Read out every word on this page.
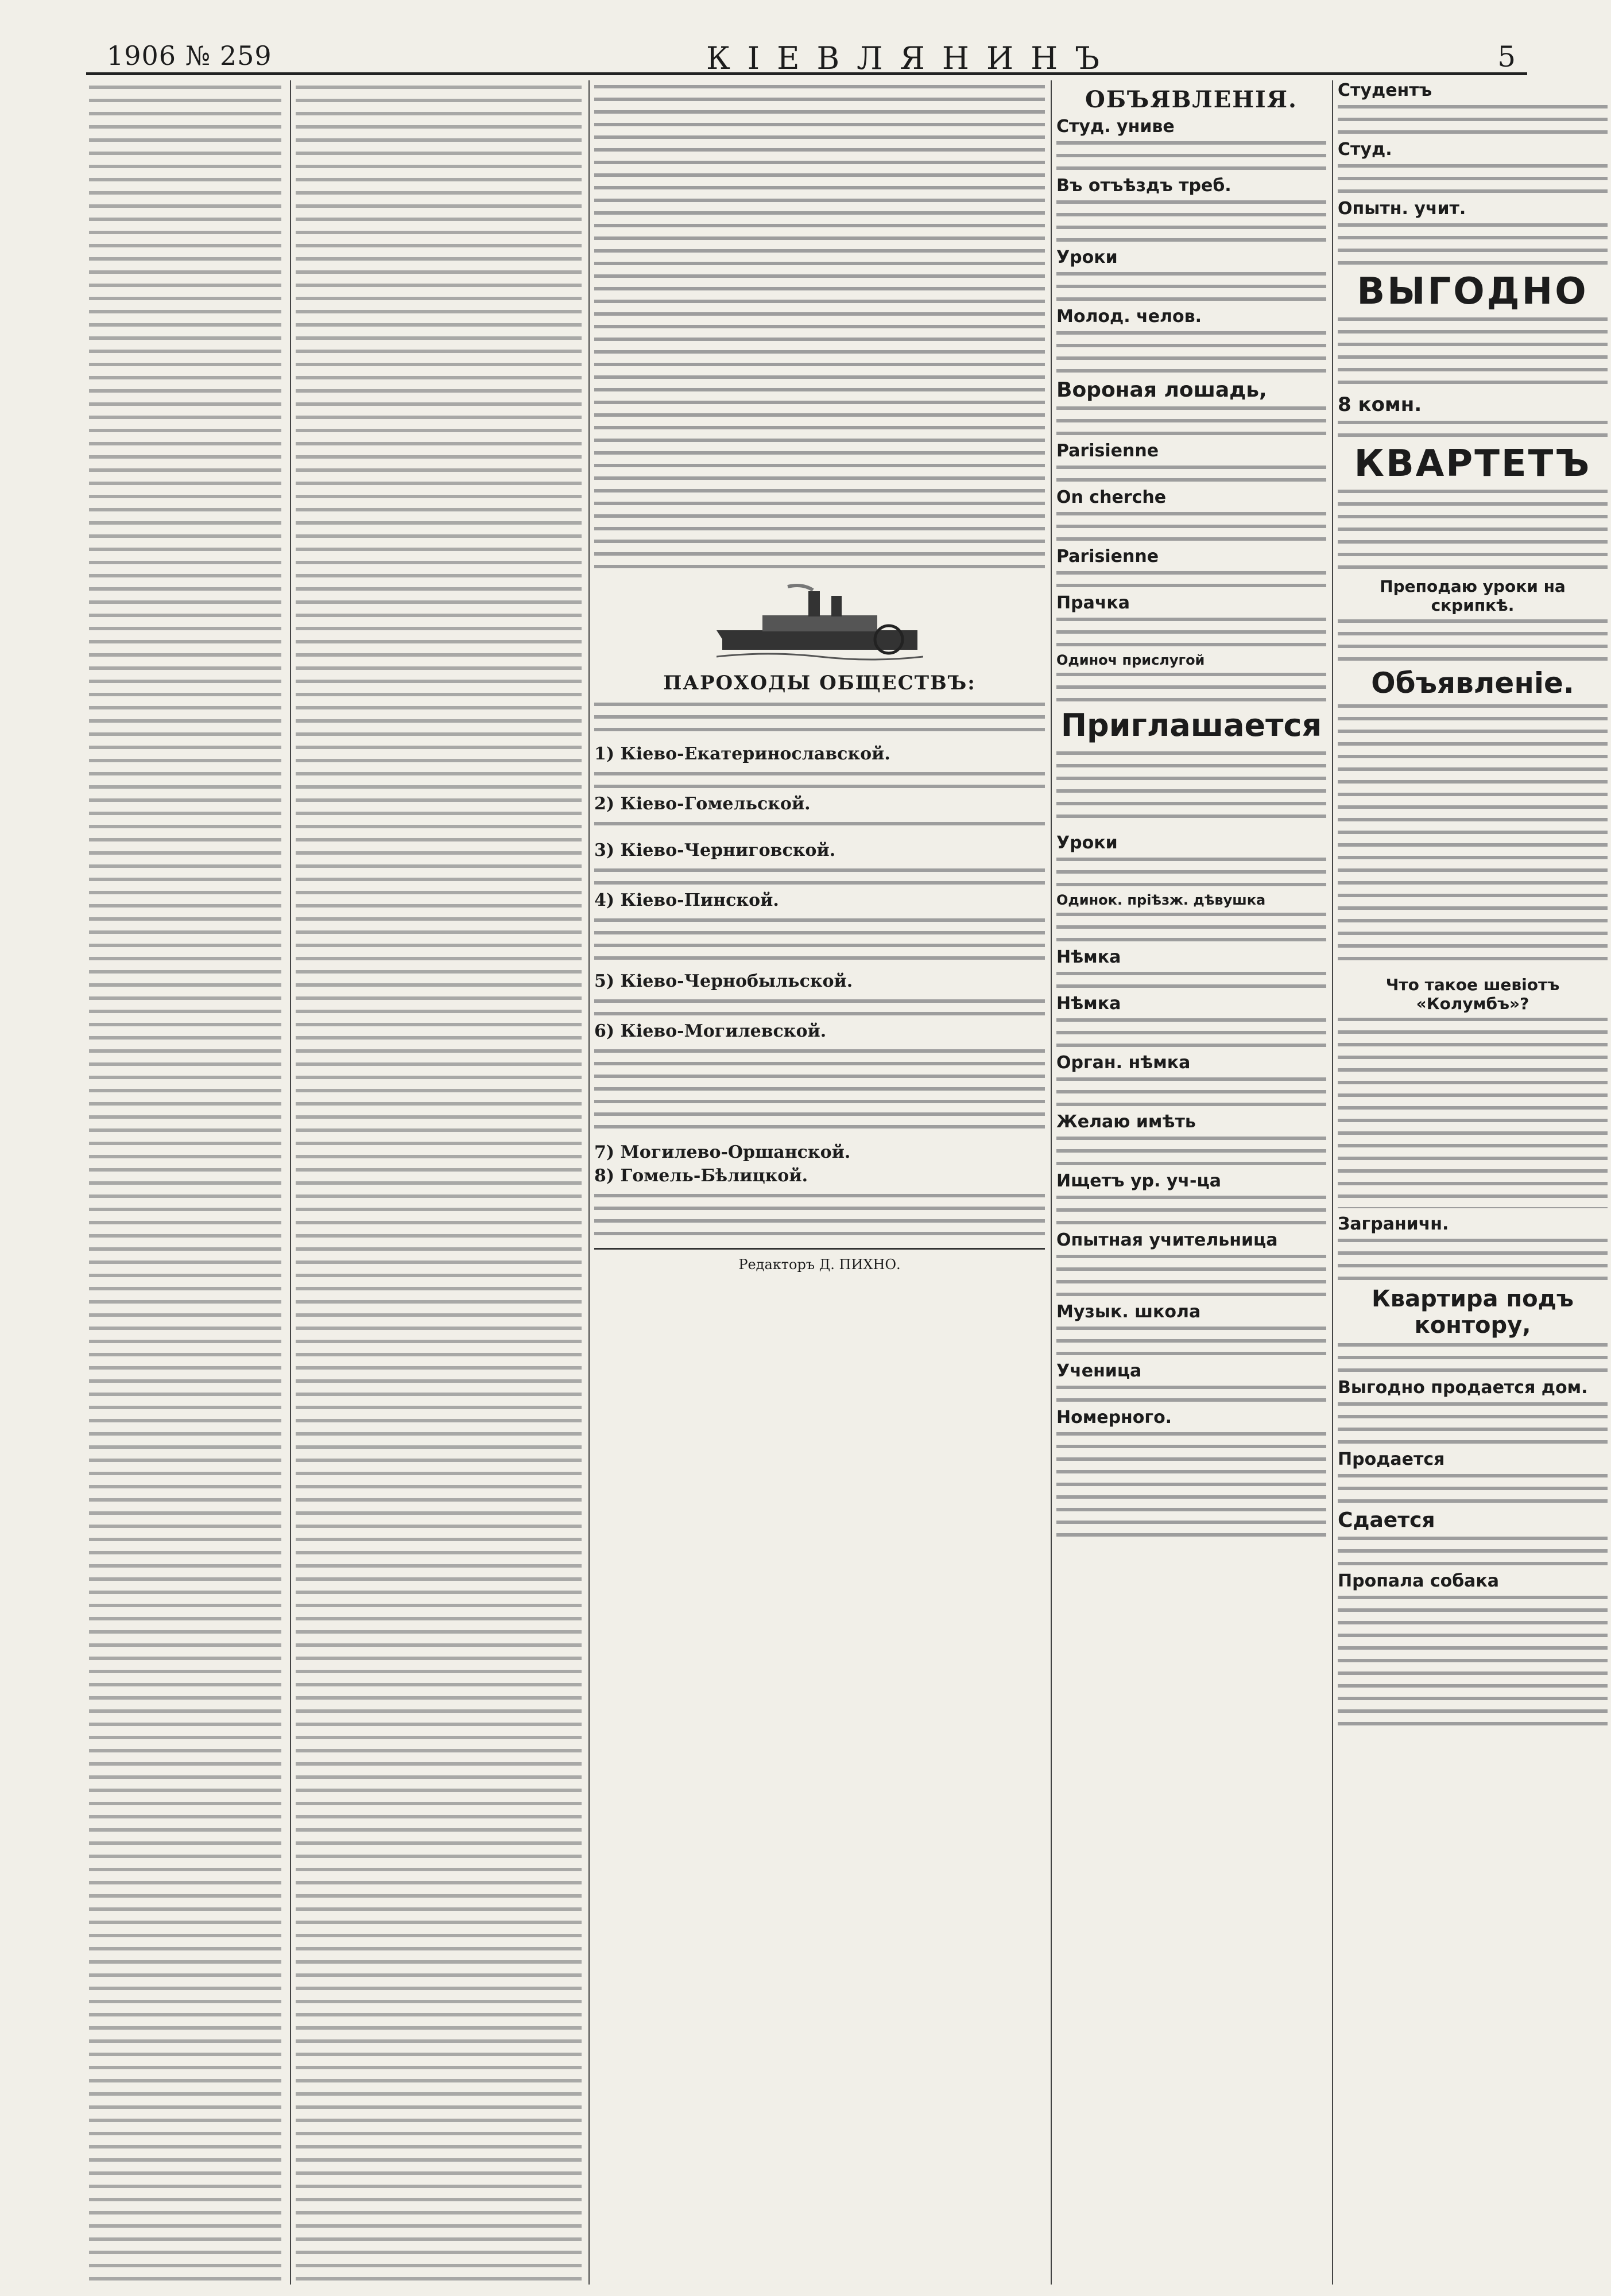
1906 № 259	КІЕВЛЯНИНЪ	5
ПАРОХОДЫ ОБЩЕСТВЪ:
1) Кіево-Екатеринославской.
2) Кіево-Гомельской.
3) Кіево-Черниговской.
4) Кіево-Пинской.
5) Кіево-Чернобыльской.
6) Кіево-Могилевской.
7) Могилево-Оршанской.
8) Гомель-Бѣлицкой.
Редакторъ Д. ПИХНО.
ОБЪЯВЛЕНІЯ.
Студ. униве
Въ отъѣздъ треб.
Уроки
Молод. челов.
Вороная лошадь,
Parisienne
On cherche
Parisienne
Прачка
Одиноч прислугой
Приглашается
Уроки
Одинок. пріѣзж. дѣвушка
Нѣмка
Нѣмка
Орган. нѣмка
Желаю имѣть
Ищетъ ур. уч-ца
Опытная учительница
Музык. школа
Ученица
Номерного.
Студентъ
Студ.
Опытн. учит.
ВЫГОДНО
8 комн.
КВАРТЕТЪ
Преподаю уроки на скрипкѣ.
Объявленіе.
Что такое шевіотъ «Колумбъ»?
Заграничн.
Квартира подъ контору,
Выгодно продается дом.
Продается
Сдается
Пропала собака
